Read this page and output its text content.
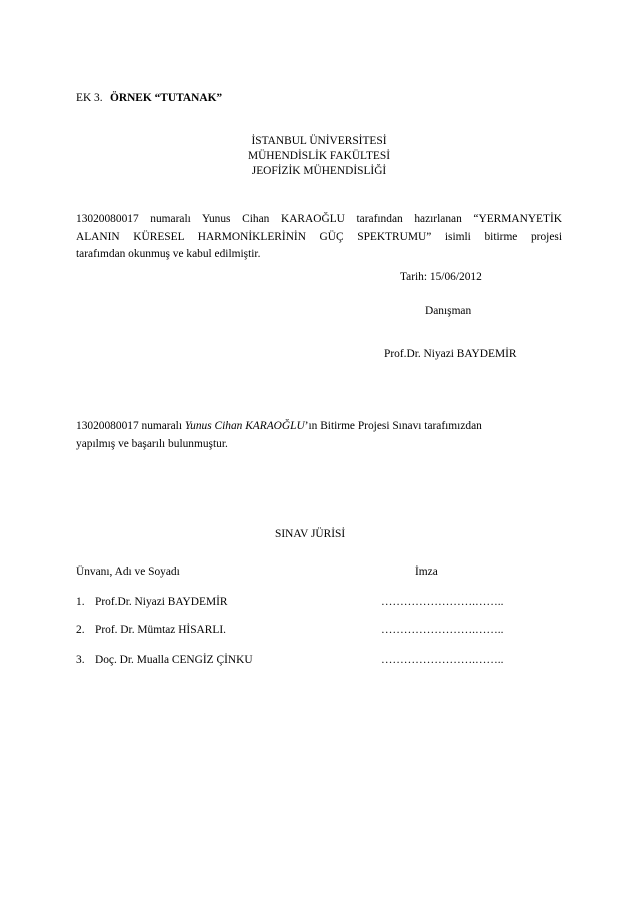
EK 3. ÖRNEK “TUTANAK”
İSTANBUL ÜNİVERSİTESİ
MÜHENDİSLİK FAKÜLTESİ
JEOFİZİK MÜHENDİSLİĞİ
13020080017 numaralı Yunus Cihan KARAOĞLU tarafından hazırlanan “YERMANYETİK
ALANIN KÜRESEL HARMONİKLERİNİN GÜÇ SPEKTRUMU” isimli bitirme projesi
tarafımdan okunmuş ve kabul edilmiştir.
Tarih: 15/06/2012
Danışman
Prof.Dr. Niyazi BAYDEMİR
13020080017 numaralı Yunus Cihan KARAOĞLU’ın Bitirme Projesi Sınavı tarafımızdan
yapılmış ve başarılı bulunmuştur.
SINAV JÜRİSİ
Ünvanı, Adı ve Soyadı	İmza
1. Prof.Dr. Niyazi BAYDEMİR	…………………….……..
2. Prof. Dr. Mümtaz HİSARLI.	…………………….……..
3. Doç. Dr. Mualla CENGİZ ÇİNKU	…………………….……..
